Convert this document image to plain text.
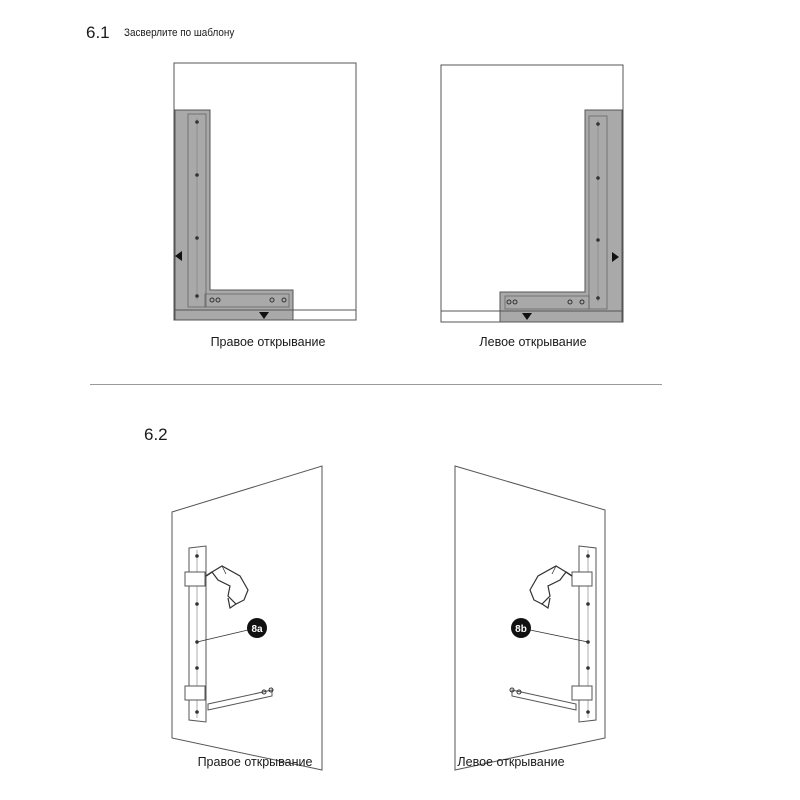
6.1 Засверлите по шаблону
6.2
8a	8b
Правое открывание	Левое открывание
Правое открывание	Левое открывание
